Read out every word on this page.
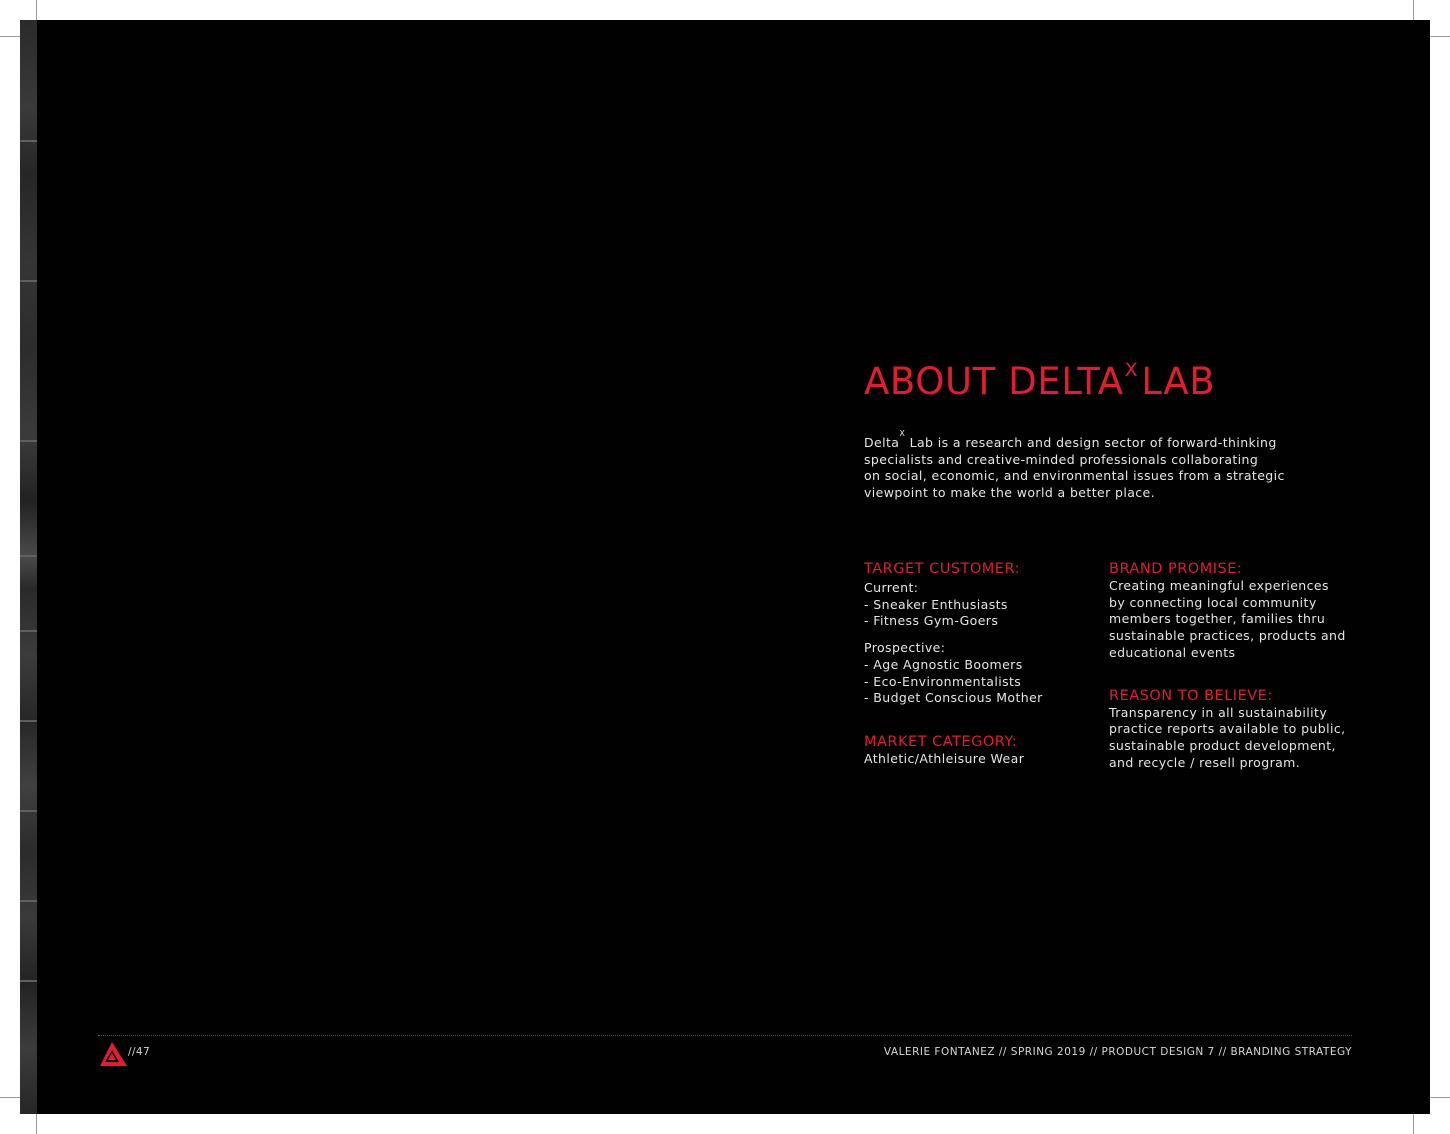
ABOUT $DELTA^XLAB$

Delta$^X$ Lab is a research and design sector of forward-thinking
specialists and creative-minded professionals collaborating
on social, economic, and environmental issues from a strategic
viewpoint to make the world a better place.

TARGET CUSTOMER:

Current:

- Sneaker Enthusiasts

- Fitness Gym-Goers

Prospective:

- Age Agnostic Boomers

- Eco-Environmentalists

- Budget Conscious Mother

MARKET CATEGORY:

Athletic/Athleisure Wear

BRAND PROMISE:

Creating meaningful experiences

by connecting local community

members together, families thru

sustainable practices, products and

educational events

REASON TO BELIEVE:

Transparency in all sustainability

practice reports available to public,

sustainable product development,

and recycle / resell program.

//47	VALERIE FONTANEZ // SPRING 2019 // PRODUCT DESIGN 7 // BRANDING STRATEGY
